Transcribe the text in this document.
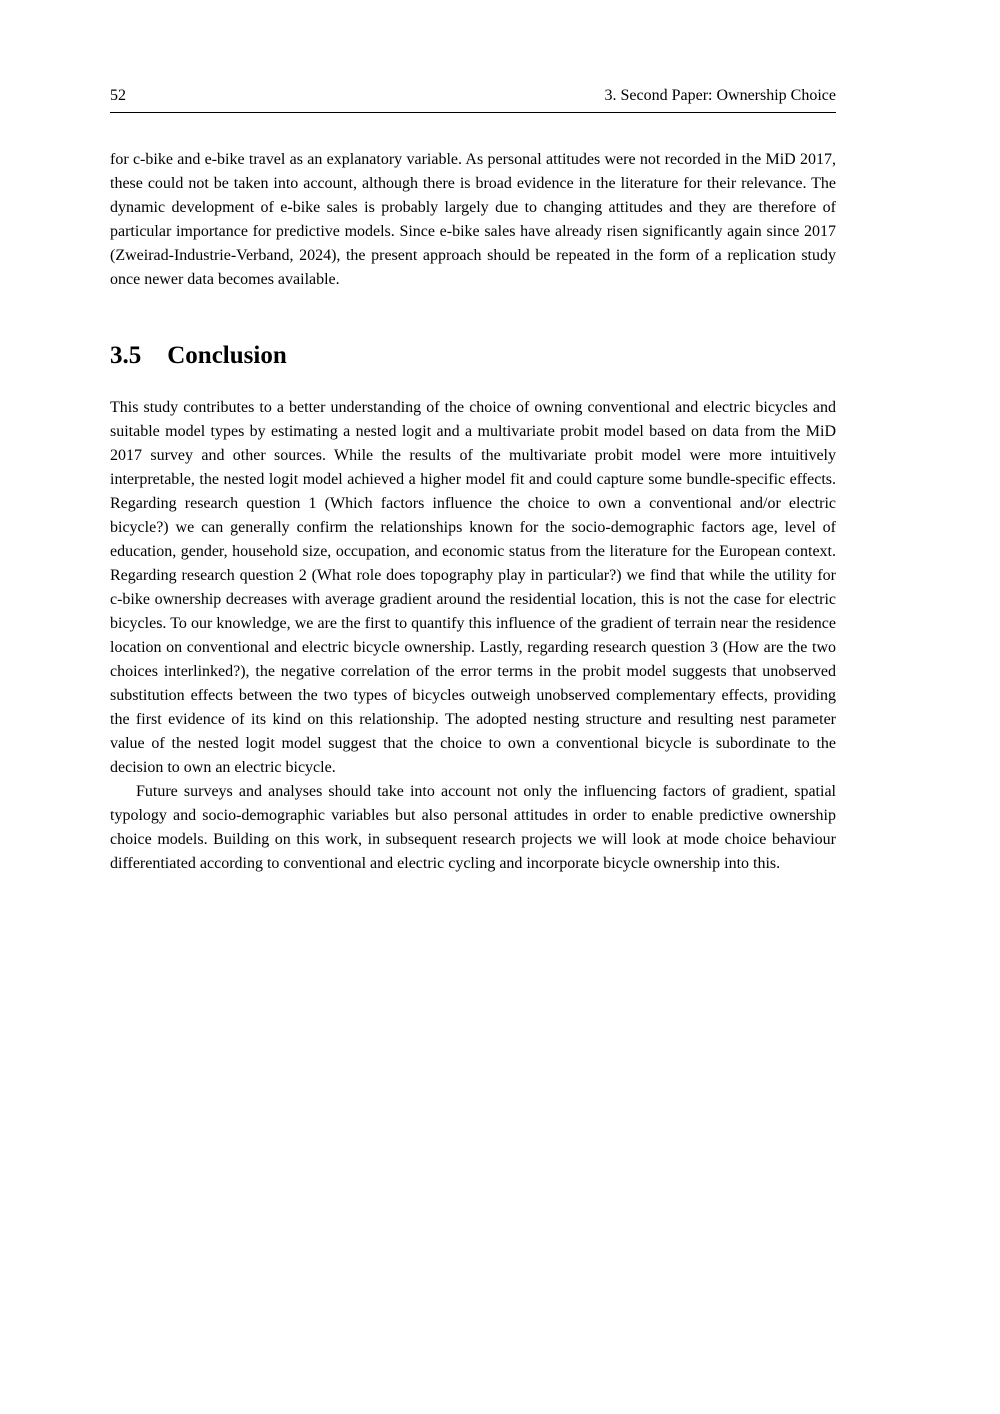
52	3. Second Paper: Ownership Choice

for c-bike and e-bike travel as an explanatory variable. As personal attitudes were not recorded in the MiD 2017, these could not be taken into account, although there is broad evidence in the literature for their relevance. The dynamic development of e-bike sales is probably largely due to changing attitudes and they are therefore of particular importance for predictive models. Since e-bike sales have already risen significantly again since 2017 (Zweirad-Industrie-Verband, 2024), the present approach should be repeated in the form of a replication study once newer data becomes available.

3.5 Conclusion

This study contributes to a better understanding of the choice of owning conventional and electric bicycles and suitable model types by estimating a nested logit and a multivariate probit model based on data from the MiD 2017 survey and other sources. While the results of the multivariate probit model were more intuitively interpretable, the nested logit model achieved a higher model fit and could capture some bundle-specific effects. Regarding research question 1 (Which factors influence the choice to own a conventional and/or electric bicycle?) we can generally confirm the relationships known for the socio-demographic factors age, level of education, gender, household size, occupation, and economic status from the literature for the European context. Regarding research question 2 (What role does topography play in particular?) we find that while the utility for c-bike ownership decreases with average gradient around the residential location, this is not the case for electric bicycles. To our knowledge, we are the first to quantify this influence of the gradient of terrain near the residence location on conventional and electric bicycle ownership. Lastly, regarding research question 3 (How are the two choices interlinked?), the negative correlation of the error terms in the probit model suggests that unobserved substitution effects between the two types of bicycles outweigh unobserved complementary effects, providing the first evidence of its kind on this relationship. The adopted nesting structure and resulting nest parameter value of the nested logit model suggest that the choice to own a conventional bicycle is subordinate to the decision to own an electric bicycle.

Future surveys and analyses should take into account not only the influencing factors of gradient, spatial typology and socio-demographic variables but also personal attitudes in order to enable predictive ownership choice models. Building on this work, in subsequent research projects we will look at mode choice behaviour differentiated according to conventional and electric cycling and incorporate bicycle ownership into this.
